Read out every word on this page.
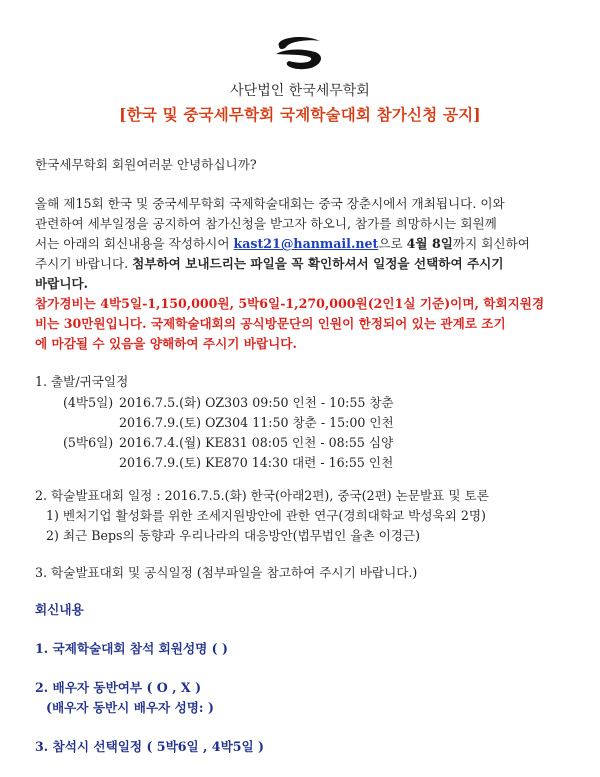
사단법인 한국세무학회
[한국 및 중국세무학회 국제학술대회 참가신청 공지]
한국세무학회 회원여러분 안녕하십니까?
올해 제15회 한국 및 중국세무학회 국제학술대회는 중국 장춘시에서 개최됩니다. 이와
관련하여 세부일정을 공지하여 참가신청을 받고자 하오니, 참가를 희망하시는 회원께
서는 아래의 회신내용을 작성하시어 kast21@hanmail.net으로 4월 8일까지 회신하여
주시기 바랍니다. 첨부하여 보내드리는 파일을 꼭 확인하셔서 일정을 선택하여 주시기
바랍니다.
참가경비는 4박5일-1,150,000원, 5박6일-1,270,000원(2인1실 기준)이며, 학회지원경
비는 30만원입니다. 국제학술대회의 공식방문단의 인원이 한정되어 있는 관계로 조기
에 마감될 수 있음을 양해하여 주시기 바랍니다.
1. 출발/귀국일정
(4박5일) 2016.7.5.(화) OZ303 09:50 인천 - 10:55 창춘
2016.7.9.(토) OZ304 11:50 창춘 - 15:00 인천
(5박6일) 2016.7.4.(월) KE831 08:05 인천 - 08:55 심양
2016.7.9.(토) KE870 14:30 대련 - 16:55 인천
2. 학술발표대회 일정 : 2016.7.5.(화) 한국(아래2편), 중국(2편) 논문발표 및 토론
1) 벤처기업 활성화를 위한 조세지원방안에 관한 연구(경희대학교 박성욱외 2명)
2) 최근 Beps의 동향과 우리나라의 대응방안(법무법인 율촌 이경근)
3. 학술발표대회 및 공식일정 (첨부파일을 참고하여 주시기 바랍니다.)
회신내용
1. 국제학술대회 참석 회원성명 ( )
2. 배우자 동반여부 ( O , X )
(배우자 동반시 배우자 성명: )
3. 참석시 선택일정 ( 5박6일 , 4박5일 )
